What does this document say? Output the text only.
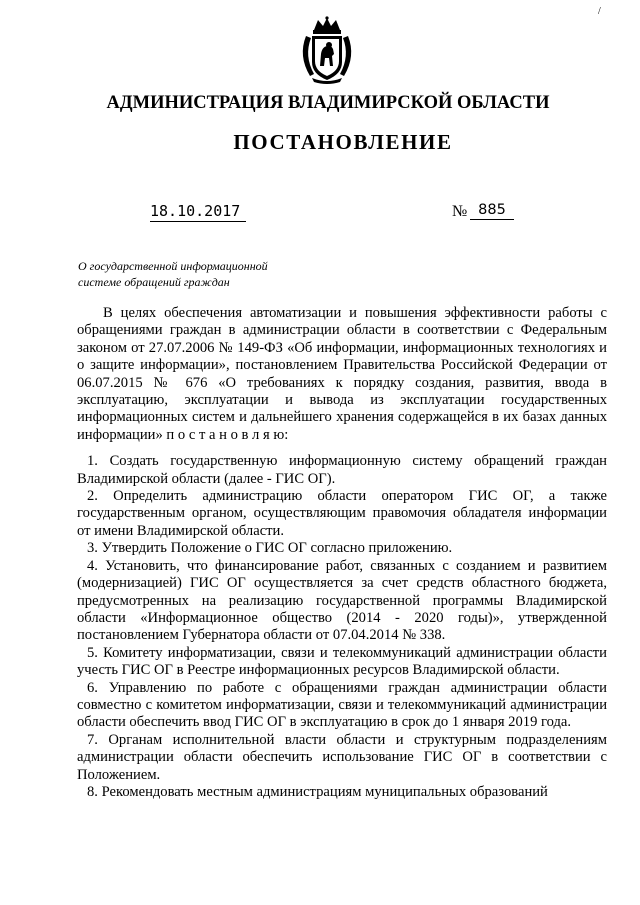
/
АДМИНИСТРАЦИЯ ВЛАДИМИРСКОЙ ОБЛАСТИ
ПОСТАНОВЛЕНИЕ
18.10.2017	№ 885
О государственной информационной системе обращений граждан

В целях обеспечения автоматизации и повышения эффективности работы с обращениями граждан в администрации области в соответствии с Федеральным законом от 27.07.2006 № 149-ФЗ «Об информации, информационных технологиях и о защите информации», постановлением Правительства Российской Федерации от 06.07.2015 № 676 «О требованиях к порядку создания, развития, ввода в эксплуатацию, эксплуатации и вывода из эксплуатации государственных информационных систем и дальнейшего хранения содержащейся в их базах данных информации» п о с т а н о в л я ю:

1. Создать государственную информационную систему обращений граждан Владимирской области (далее - ГИС ОГ).

2. Определить администрацию области оператором ГИС ОГ, а также государственным органом, осуществляющим правомочия обладателя информации от имени Владимирской области.

3. Утвердить Положение о ГИС ОГ согласно приложению.

4. Установить, что финансирование работ, связанных с созданием и развитием (модернизацией) ГИС ОГ осуществляется за счет средств областного бюджета, предусмотренных на реализацию государственной программы Владимирской области «Информационное общество (2014 - 2020 годы)», утвержденной постановлением Губернатора области от 07.04.2014 № 338.

5. Комитету информатизации, связи и телекоммуникаций администрации области учесть ГИС ОГ в Реестре информационных ресурсов Владимирской области.

6. Управлению по работе с обращениями граждан администрации области совместно с комитетом информатизации, связи и телекоммуникаций администрации области обеспечить ввод ГИС ОГ в эксплуатацию в срок до 1 января 2019 года.

7. Органам исполнительной власти области и структурным подразделениям администрации области обеспечить использование ГИС ОГ в соответствии с Положением.

8. Рекомендовать местным администрациям муниципальных образований
